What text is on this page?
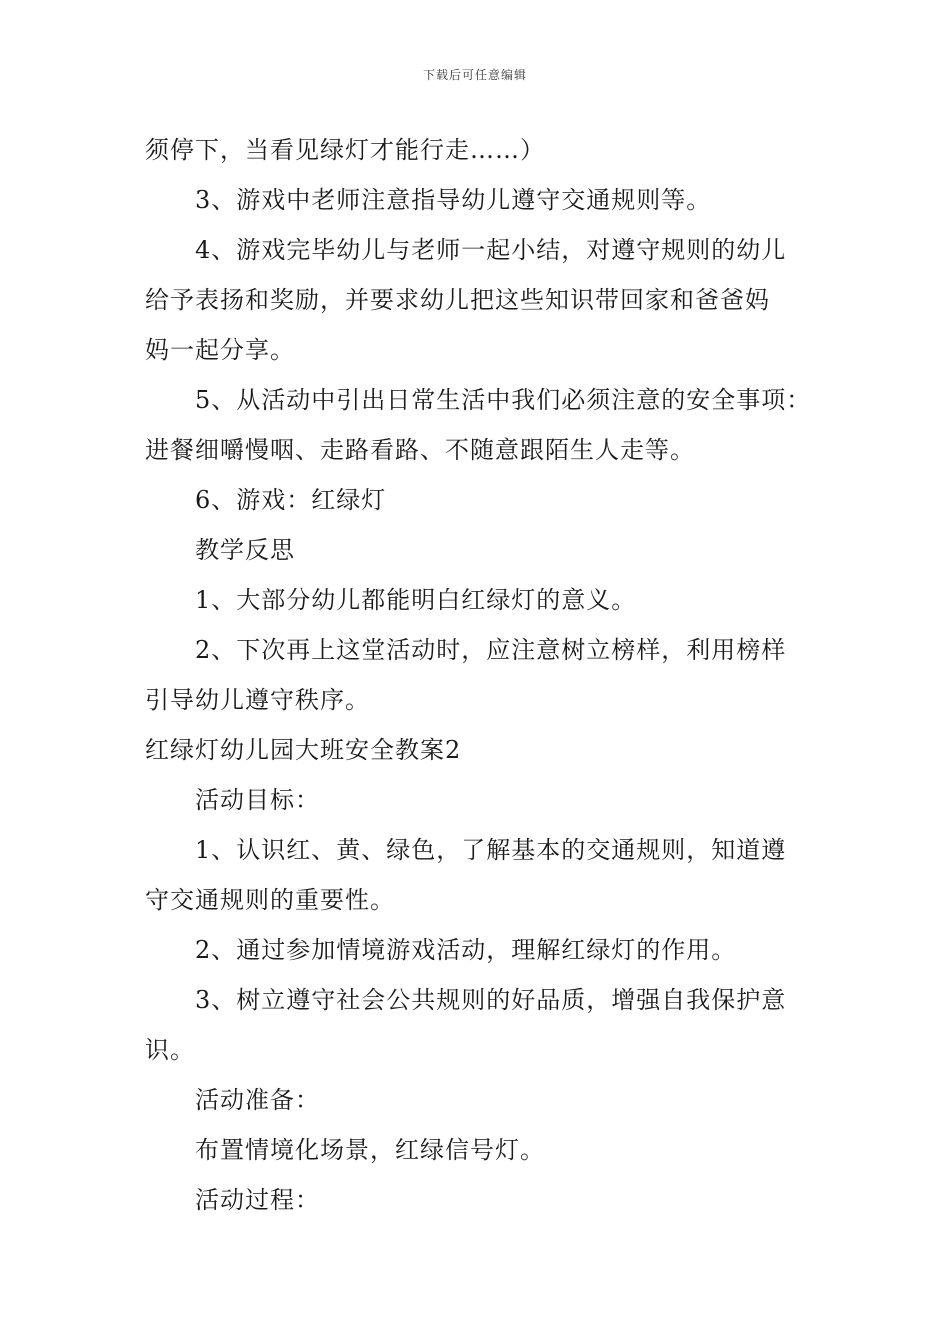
下载后可任意编辑

须停下，当看见绿灯才能行走……）

3、游戏中老师注意指导幼儿遵守交通规则等。

4、游戏完毕幼儿与老师一起小结，对遵守规则的幼儿

给予表扬和奖励，并要求幼儿把这些知识带回家和爸爸妈

妈一起分享。

5、从活动中引出日常生活中我们必须注意的安全事项：

进餐细嚼慢咽、走路看路、不随意跟陌生人走等。

6、游戏：红绿灯

教学反思

1、大部分幼儿都能明白红绿灯的意义。

2、下次再上这堂活动时，应注意树立榜样，利用榜样

引导幼儿遵守秩序。

红绿灯幼儿园大班安全教案2

活动目标：

1、认识红、黄、绿色，了解基本的交通规则，知道遵

守交通规则的重要性。

2、通过参加情境游戏活动，理解红绿灯的作用。

3、树立遵守社会公共规则的好品质，增强自我保护意

识。

活动准备：

布置情境化场景，红绿信号灯。

活动过程：
